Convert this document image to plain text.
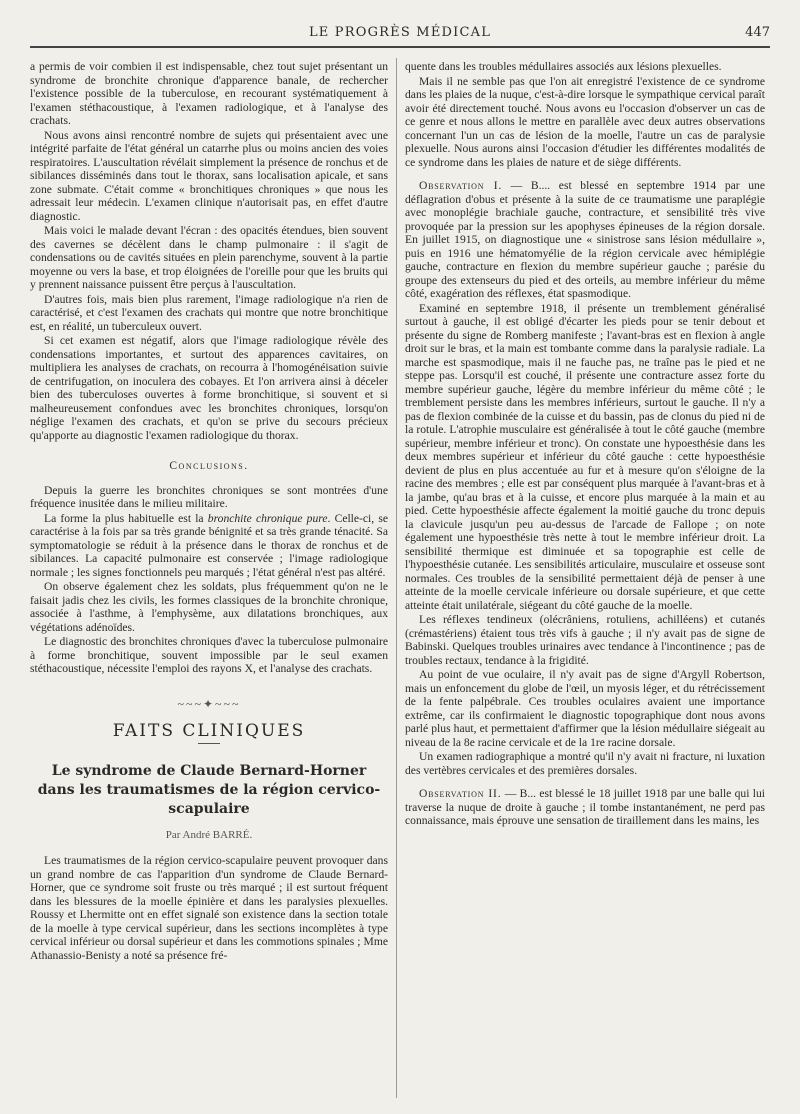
LE PROGRÈS MÉDICAL	447

a permis de voir combien il est indispensable, chez tout sujet présentant un syndrome de bronchite chronique d'apparence banale, de rechercher l'existence possible de la tuberculose, en recourant systématiquement à l'examen stéthacoustique, à l'examen radiologique, et à l'analyse des crachats.

Nous avons ainsi rencontré nombre de sujets qui présentaient avec une intégrité parfaite de l'état général un catarrhe plus ou moins ancien des voies respiratoires. L'auscultation révélait simplement la présence de ronchus et de sibilances disséminés dans tout le thorax, sans localisation apicale, et sans zone submate. C'était comme « bronchitiques chroniques » que nous les adressait leur médecin. L'examen clinique n'autorisait pas, en effet d'autre diagnostic.

Mais voici le malade devant l'écran : des opacités étendues, bien souvent des cavernes se décèlent dans le champ pulmonaire : il s'agit de condensations ou de cavités situées en plein parenchyme, souvent à la partie moyenne ou vers la base, et trop éloignées de l'oreille pour que les bruits qui y prennent naissance puissent être perçus à l'auscultation.

D'autres fois, mais bien plus rarement, l'image radiologique n'a rien de caractérisé, et c'est l'examen des crachats qui montre que notre bronchitique est, en réalité, un tuberculeux ouvert.

Si cet examen est négatif, alors que l'image radiologique révèle des condensations importantes, et surtout des apparences cavitaires, on multipliera les analyses de crachats, on recourra à l'homogénéisation suivie de centrifugation, on inoculera des cobayes. Et l'on arrivera ainsi à déceler bien des tuberculoses ouvertes à forme bronchitique, si souvent et si malheureusement confondues avec les bronchites chroniques, lorsqu'on néglige l'examen des crachats, et qu'on se prive du secours précieux qu'apporte au diagnostic l'examen radiologique du thorax.

Conclusions.

Depuis la guerre les bronchites chroniques se sont montrées d'une fréquence inusitée dans le milieu militaire.

La forme la plus habituelle est la bronchite chronique pure. Celle-ci, se caractérise à la fois par sa très grande bénignité et sa très grande ténacité. Sa symptomatologie se réduit à la présence dans le thorax de ronchus et de sibilances. La capacité pulmonaire est conservée ; l'image radiologique normale ; les signes fonctionnels peu marqués ; l'état général n'est pas altéré.

On observe également chez les soldats, plus fréquemment qu'on ne le faisait jadis chez les civils, les formes classiques de la bronchite chronique, associée à l'asthme, à l'emphysème, aux dilatations bronchiques, aux végétations adénoïdes.

Le diagnostic des bronchites chroniques d'avec la tuberculose pulmonaire à forme bronchitique, souvent impossible par le seul examen stéthacoustique, nécessite l'emploi des rayons X, et l'analyse des crachats.

~~~✦~~~
FAITS CLINIQUES
Le syndrome de Claude Bernard-Horner dans les traumatismes de la région cervico-scapulaire
Par André BARRÉ.

Les traumatismes de la région cervico-scapulaire peuvent provoquer dans un grand nombre de cas l'apparition d'un syndrome de Claude Bernard-Horner, que ce syndrome soit fruste ou très marqué ; il est surtout fréquent dans les blessures de la moelle épinière et dans les paralysies plexuelles. Roussy et Lhermitte ont en effet signalé son existence dans la section totale de la moelle à type cervical supérieur, dans les sections incomplètes à type cervical inférieur ou dorsal supérieur et dans les commotions spinales ; Mme Athanassio-Benisty a noté sa présence fré-

quente dans les troubles médullaires associés aux lésions plexuelles.

Mais il ne semble pas que l'on ait enregistré l'existence de ce syndrome dans les plaies de la nuque, c'est-à-dire lorsque le sympathique cervical paraît avoir été directement touché. Nous avons eu l'occasion d'observer un cas de ce genre et nous allons le mettre en parallèle avec deux autres observations concernant l'un un cas de lésion de la moelle, l'autre un cas de paralysie plexuelle. Nous aurons ainsi l'occasion d'étudier les différentes modalités de ce syndrome dans les plaies de nature et de siège différents.

Observation I. — B.... est blessé en septembre 1914 par une déflagration d'obus et présente à la suite de ce traumatisme une paraplégie avec monoplégie brachiale gauche, contracture, et sensibilité très vive provoquée par la pression sur les apophyses épineuses de la région dorsale. En juillet 1915, on diagnostique une « sinistrose sans lésion médullaire », puis en 1916 une hématomyélie de la région cervicale avec hémiplégie gauche, contracture en flexion du membre supérieur gauche ; parésie du groupe des extenseurs du pied et des orteils, au membre inférieur du même côté, exagération des réflexes, état spasmodique.

Examiné en septembre 1918, il présente un tremblement généralisé surtout à gauche, il est obligé d'écarter les pieds pour se tenir debout et présente du signe de Romberg manifeste ; l'avant-bras est en flexion à angle droit sur le bras, et la main est tombante comme dans la paralysie radiale. La marche est spasmodique, mais il ne fauche pas, ne traîne pas le pied et ne steppe pas. Lorsqu'il est couché, il présente une contracture assez forte du membre supérieur gauche, légère du membre inférieur du même côté ; le tremblement persiste dans les membres inférieurs, surtout le gauche. Il n'y a pas de flexion combinée de la cuisse et du bassin, pas de clonus du pied ni de la rotule. L'atrophie musculaire est généralisée à tout le côté gauche (membre supérieur, membre inférieur et tronc). On constate une hypoesthésie dans les deux membres supérieur et inférieur du côté gauche : cette hypoesthésie devient de plus en plus accentuée au fur et à mesure qu'on s'éloigne de la racine des membres ; elle est par conséquent plus marquée à l'avant-bras et à la jambe, qu'au bras et à la cuisse, et encore plus marquée à la main et au pied. Cette hypoesthésie affecte également la moitié gauche du tronc depuis la clavicule jusqu'un peu au-dessus de l'arcade de Fallope ; on note également une hypoesthésie très nette à tout le membre inférieur droit. La sensibilité thermique est diminuée et sa topographie est celle de l'hypoesthésie cutanée. Les sensibilités articulaire, musculaire et osseuse sont normales. Ces troubles de la sensibilité permettaient déjà de penser à une atteinte de la moelle cervicale inférieure ou dorsale supérieure, et que cette atteinte était unilatérale, siégeant du côté gauche de la moelle.

Les réflexes tendineux (olécrâniens, rotuliens, achilléens) et cutanés (crémastériens) étaient tous très vifs à gauche ; il n'y avait pas de signe de Babinski. Quelques troubles urinaires avec tendance à l'incontinence ; pas de troubles rectaux, tendance à la frigidité.

Au point de vue oculaire, il n'y avait pas de signe d'Argyll Robertson, mais un enfoncement du globe de l'œil, un myosis léger, et du rétrécissement de la fente palpébrale. Ces troubles oculaires avaient une importance extrême, car ils confirmaient le diagnostic topographique dont nous avons parlé plus haut, et permettaient d'affirmer que la lésion médullaire siégeait au niveau de la 8e racine cervicale et de la 1re racine dorsale.

Un examen radiographique a montré qu'il n'y avait ni fracture, ni luxation des vertèbres cervicales et des premières dorsales.

Observation II. — B... est blessé le 18 juillet 1918 par une balle qui lui traverse la nuque de droite à gauche ; il tombe instantanément, ne perd pas connaissance, mais éprouve une sensation de tiraillement dans les mains, les
